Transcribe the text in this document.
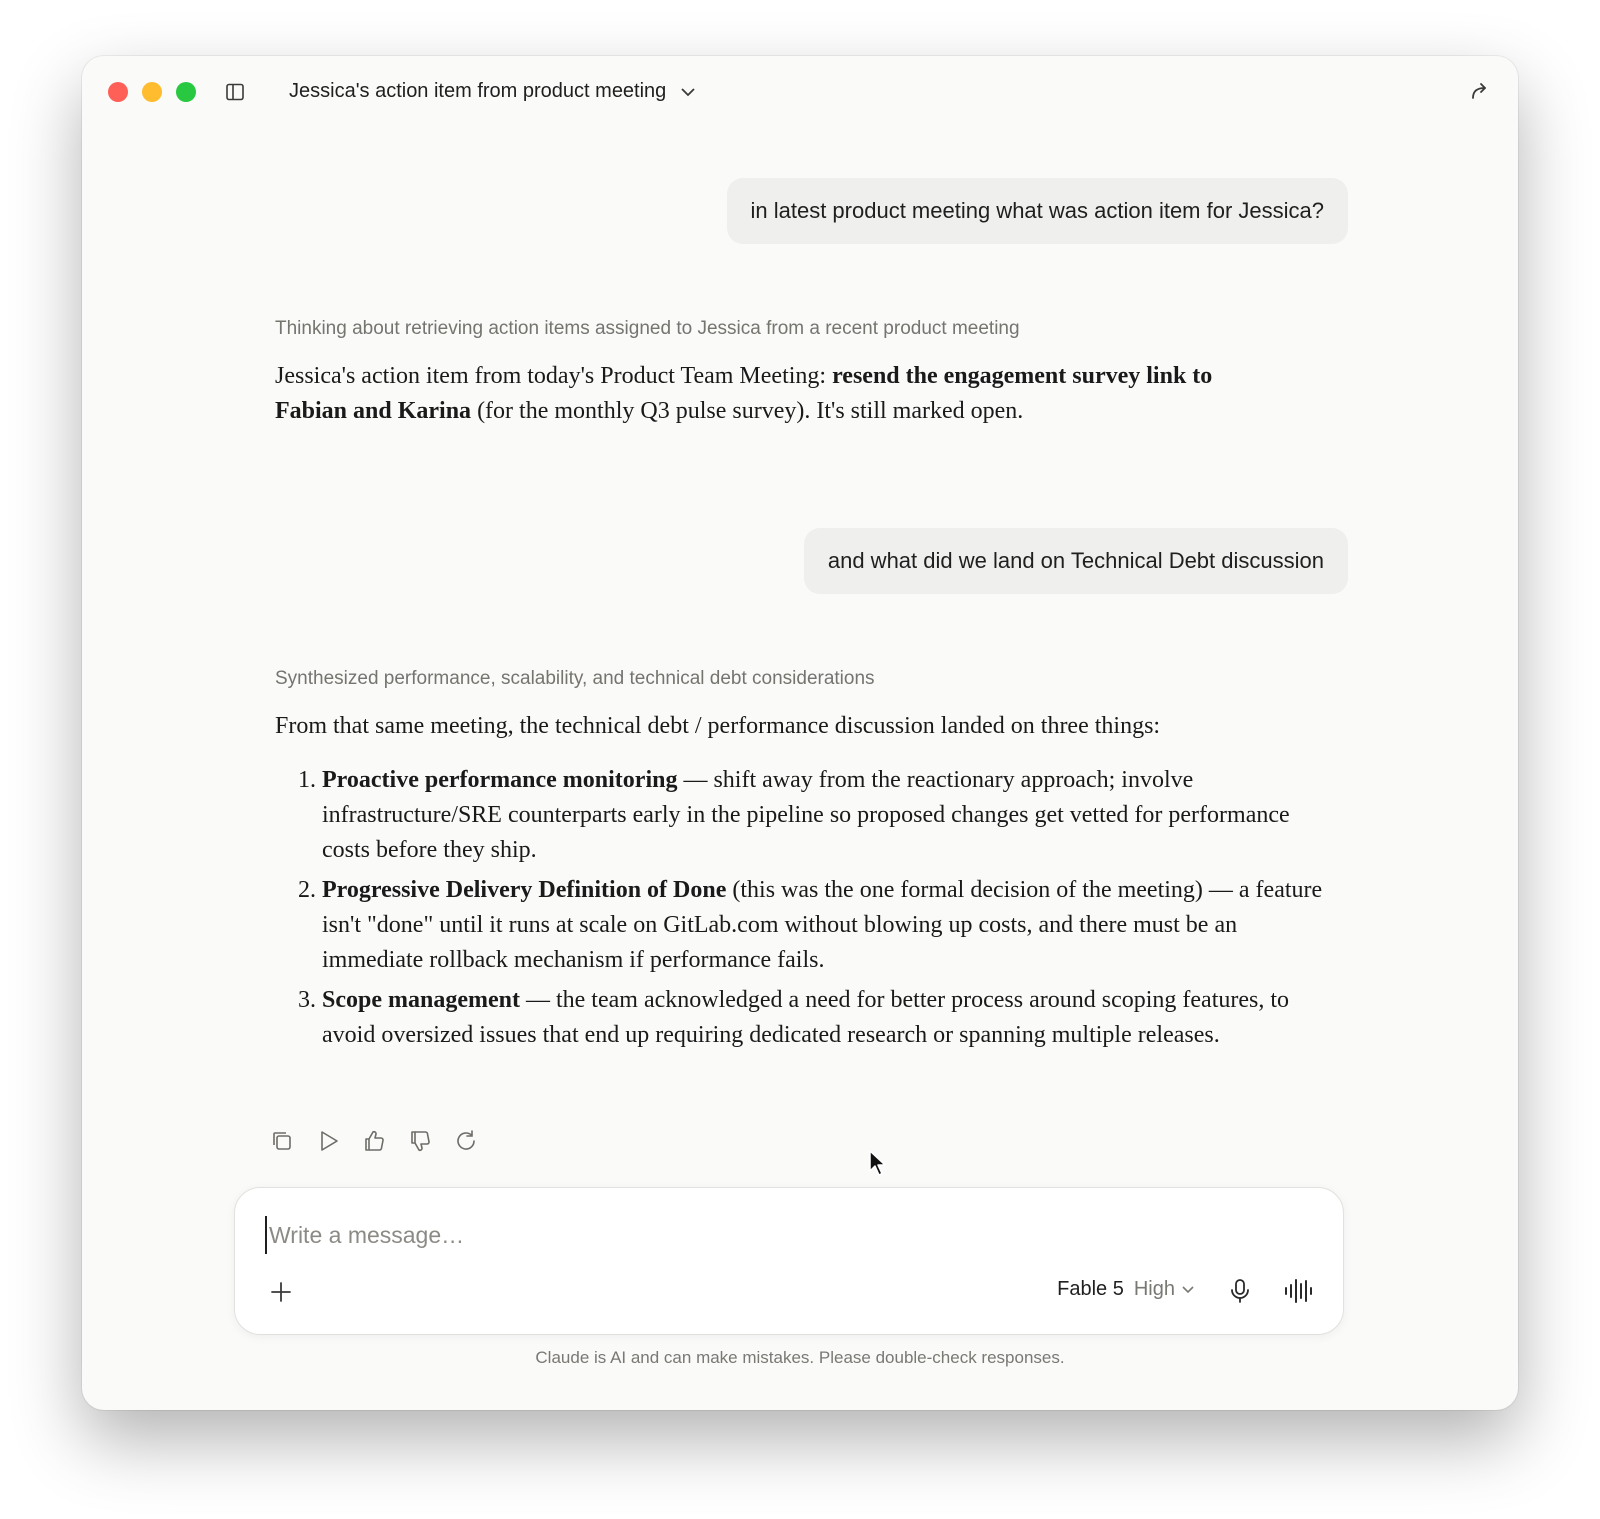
Jessica's action item from product meeting
in latest product meeting what was action item for Jessica?
Thinking about retrieving action items assigned to Jessica from a recent product meeting

Jessica's action item from today's Product Team Meeting: resend the engagement survey link to Fabian and Karina (for the monthly Q3 pulse survey). It's still marked open.

and what did we land on Technical Debt discussion
Synthesized performance, scalability, and technical debt considerations

From that same meeting, the technical debt / performance discussion landed on three things:

1. Proactive performance monitoring — shift away from the reactionary approach; involve infrastructure/SRE counterparts early in the pipeline so proposed changes get vetted for performance costs before they ship.
2. Progressive Delivery Definition of Done (this was the one formal decision of the meeting) — a feature isn't "done" until it runs at scale on GitLab.com without blowing up costs, and there must be an immediate rollback mechanism if performance fails.
3. Scope management — the team acknowledged a need for better process around scoping features, to avoid oversized issues that end up requiring dedicated research or spanning multiple releases.
Write a message…
Fable 5 High
Claude is AI and can make mistakes. Please double-check responses.
